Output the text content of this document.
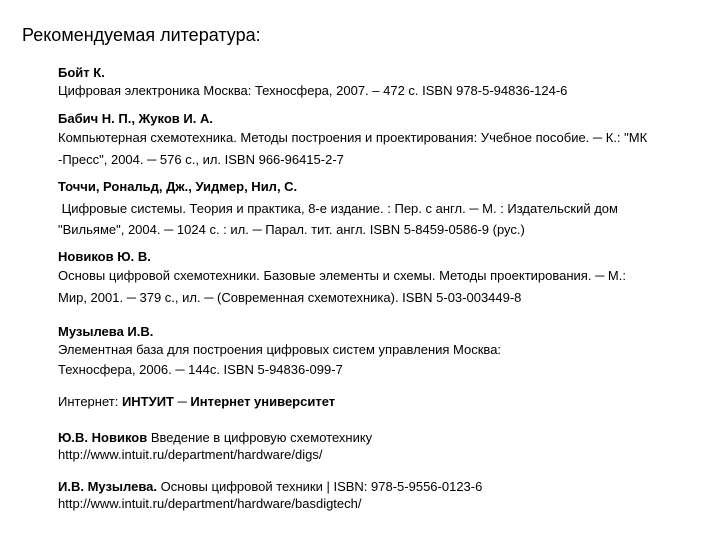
Рекомендуемая литература:
Бойт К.
Цифровая электроника Москва: Техносфера, 2007. – 472 с. ISBN 978-5-94836-124-6
Бабич Н. П., Жуков И. А.
Компьютерная схемотехника. Методы построения и проектирования: Учебное пособие. ─ К.: "МК
-Пресс", 2004. ─ 576 с., ил. ISBN 966-96415-2-7
Точчи, Рональд, Дж., Уидмер, Нил, С.
Цифровые системы. Теория и практика, 8-е издание. : Пер. с англ. ─ М. : Издательский дом
"Вильяме", 2004. ─ 1024 с. : ил. ─ Парал. тит. англ. ISBN 5-8459-0586-9 (рус.)
Новиков Ю. В.
Основы цифровой схемотехники. Базовые элементы и схемы. Методы проектирования. ─ М.:
Мир, 2001. ─ 379 с., ил. ─ (Современная схемотехника). ISBN 5-03-003449-8
Музылева И.В.
Элементная база для построения цифровых систем управления Москва:
Техносфера, 2006. ─ 144с. ISBN 5-94836-099-7
Интернет: ИНТУИТ ─ Интернет университет
Ю.В. Новиков Введение в цифровую схемотехнику
http://www.intuit.ru/department/hardware/digs/
И.В. Музылева. Основы цифровой техники | ISBN: 978-5-9556-0123-6
http://www.intuit.ru/department/hardware/basdigtech/
